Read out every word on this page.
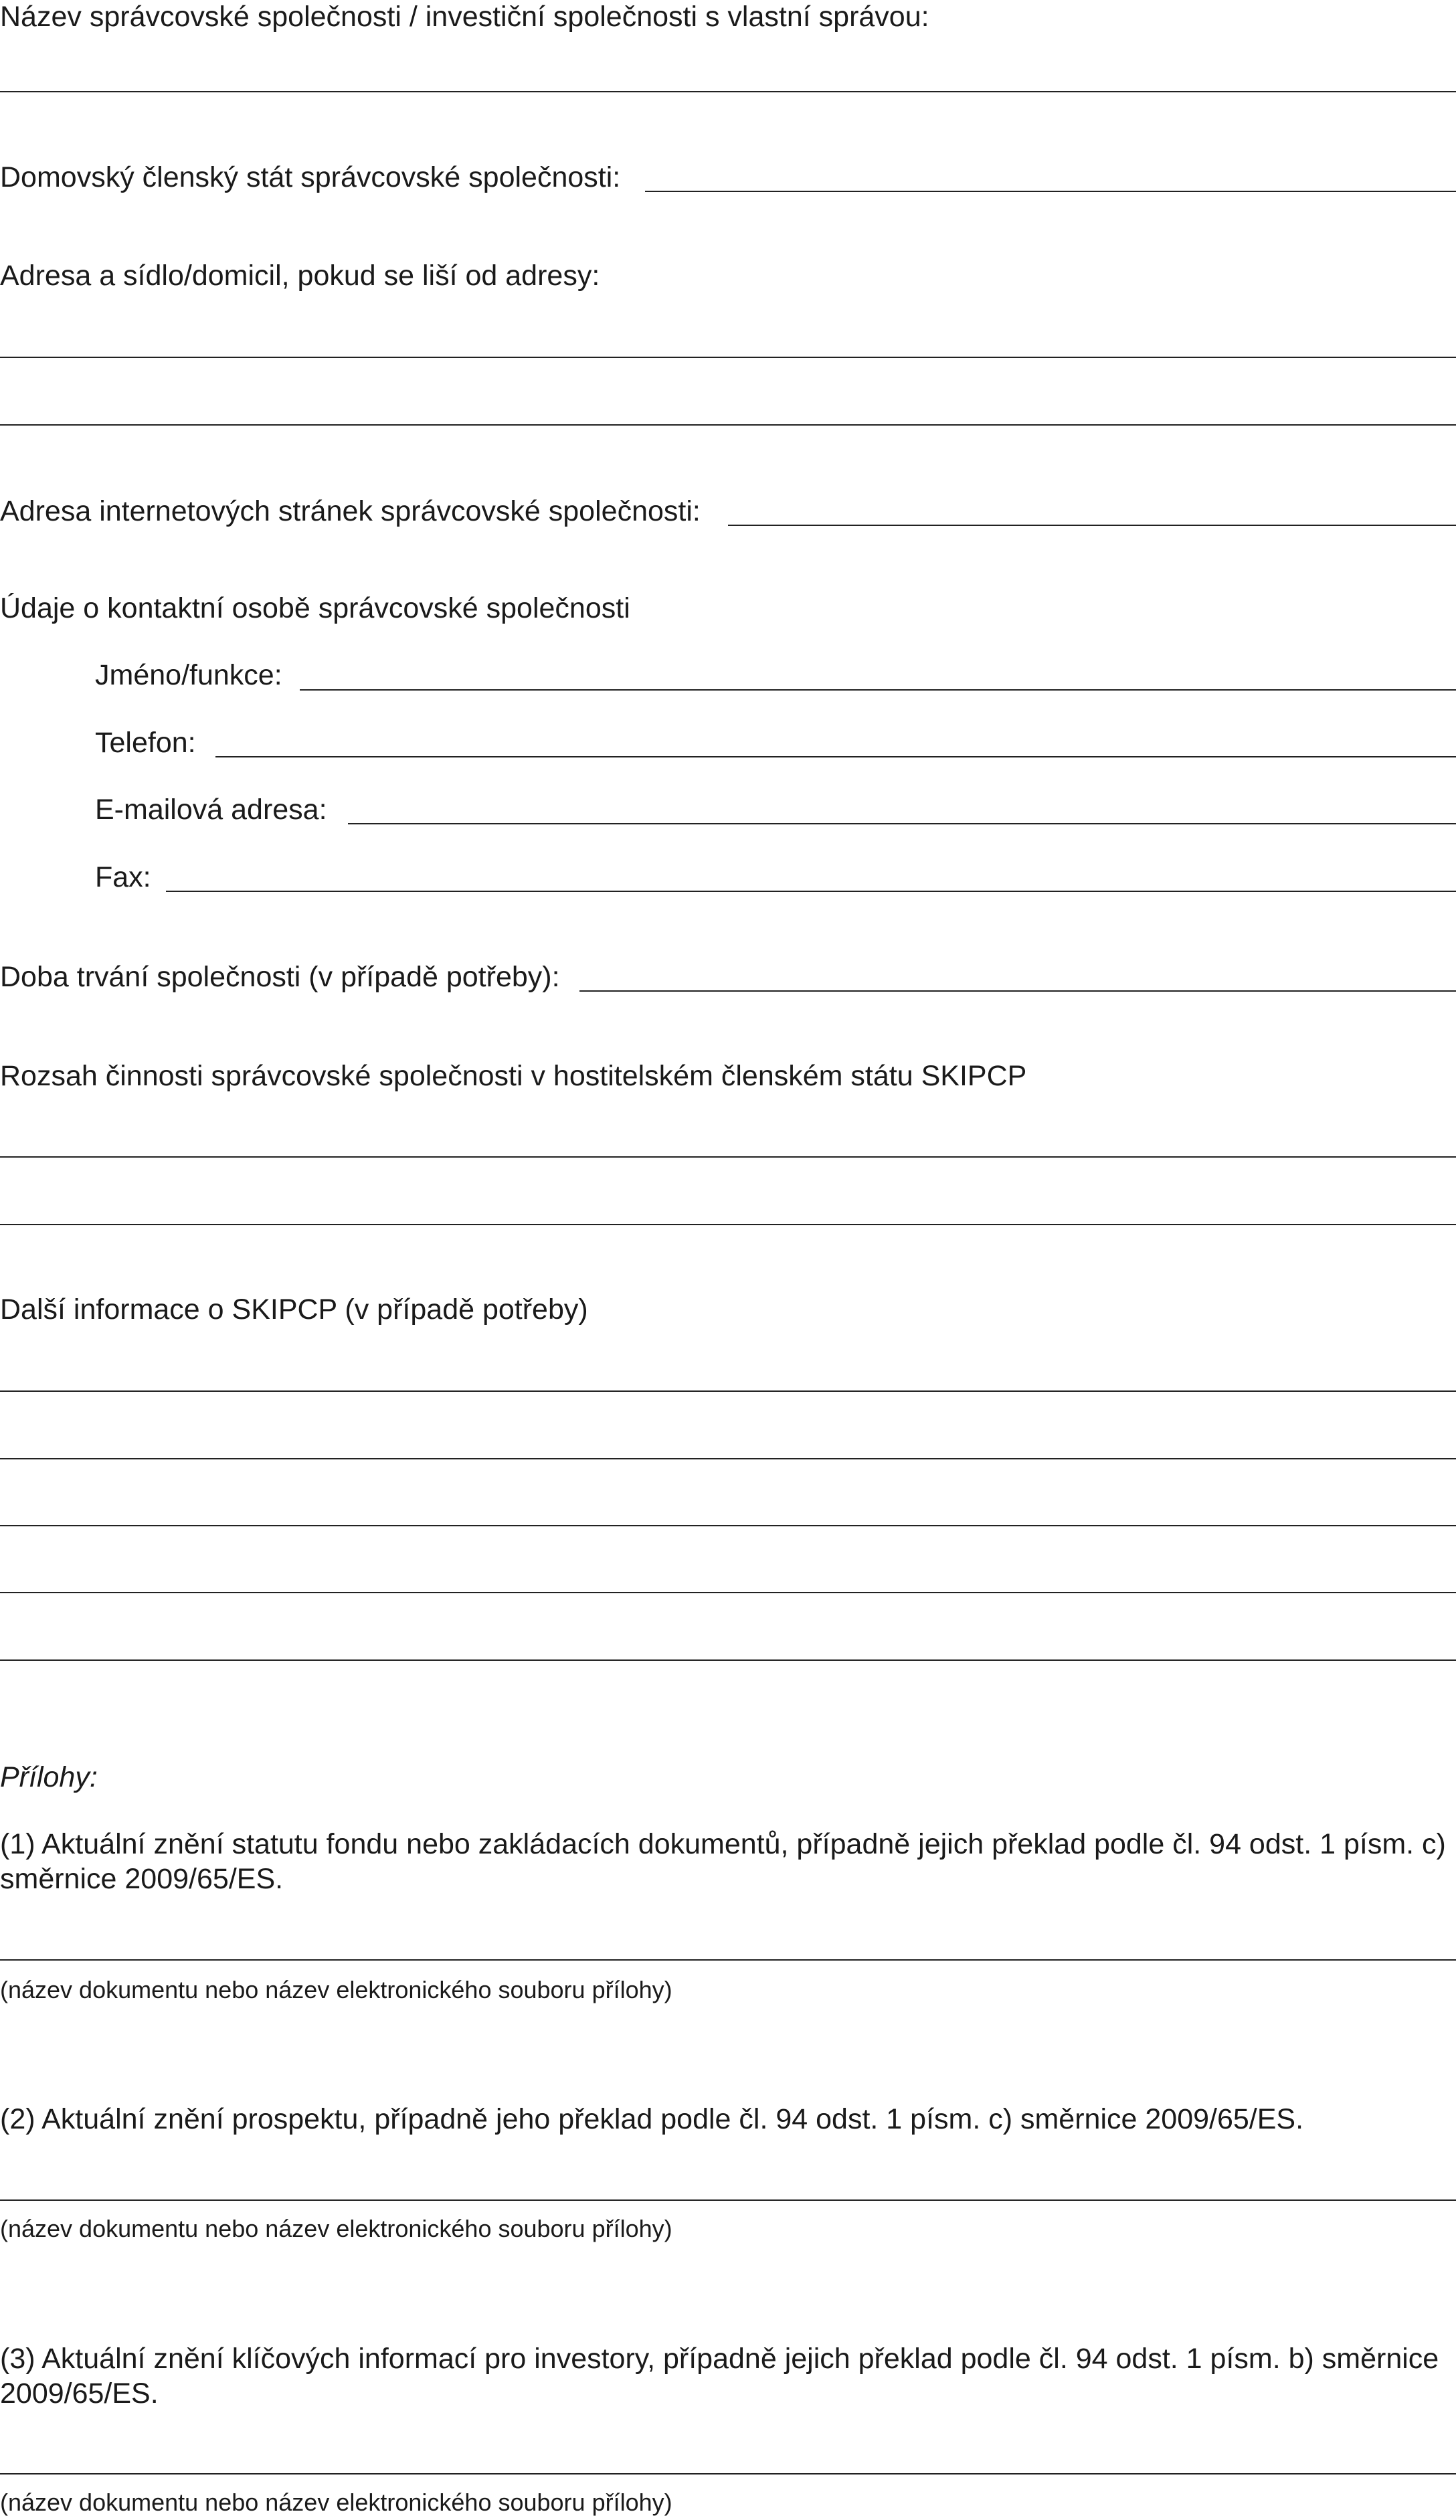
Název správcovské společnosti / investiční společnosti s vlastní správou:

Domovský členský stát správcovské společnosti:

Adresa a sídlo/domicil, pokud se liší od adresy:

Adresa internetových stránek správcovské společnosti:

Údaje o kontaktní osobě správcovské společnosti

Jméno/funkce:

Telefon:

E-mailová adresa:

Fax:

Doba trvání společnosti (v případě potřeby):

Rozsah činnosti správcovské společnosti v hostitelském členském státu SKIPCP

Další informace o SKIPCP (v případě potřeby)

Přílohy:

(1) Aktuální znění statutu fondu nebo zakládacích dokumentů, případně jejich překlad podle čl. 94 odst. 1 písm. c) směrnice 2009/65/ES.

(název dokumentu nebo název elektronického souboru přílohy)

(2) Aktuální znění prospektu, případně jeho překlad podle čl. 94 odst. 1 písm. c) směrnice 2009/65/ES.

(název dokumentu nebo název elektronického souboru přílohy)

(3) Aktuální znění klíčových informací pro investory, případně jejich překlad podle čl. 94 odst. 1 písm. b) směrnice 2009/65/ES.

(název dokumentu nebo název elektronického souboru přílohy)
